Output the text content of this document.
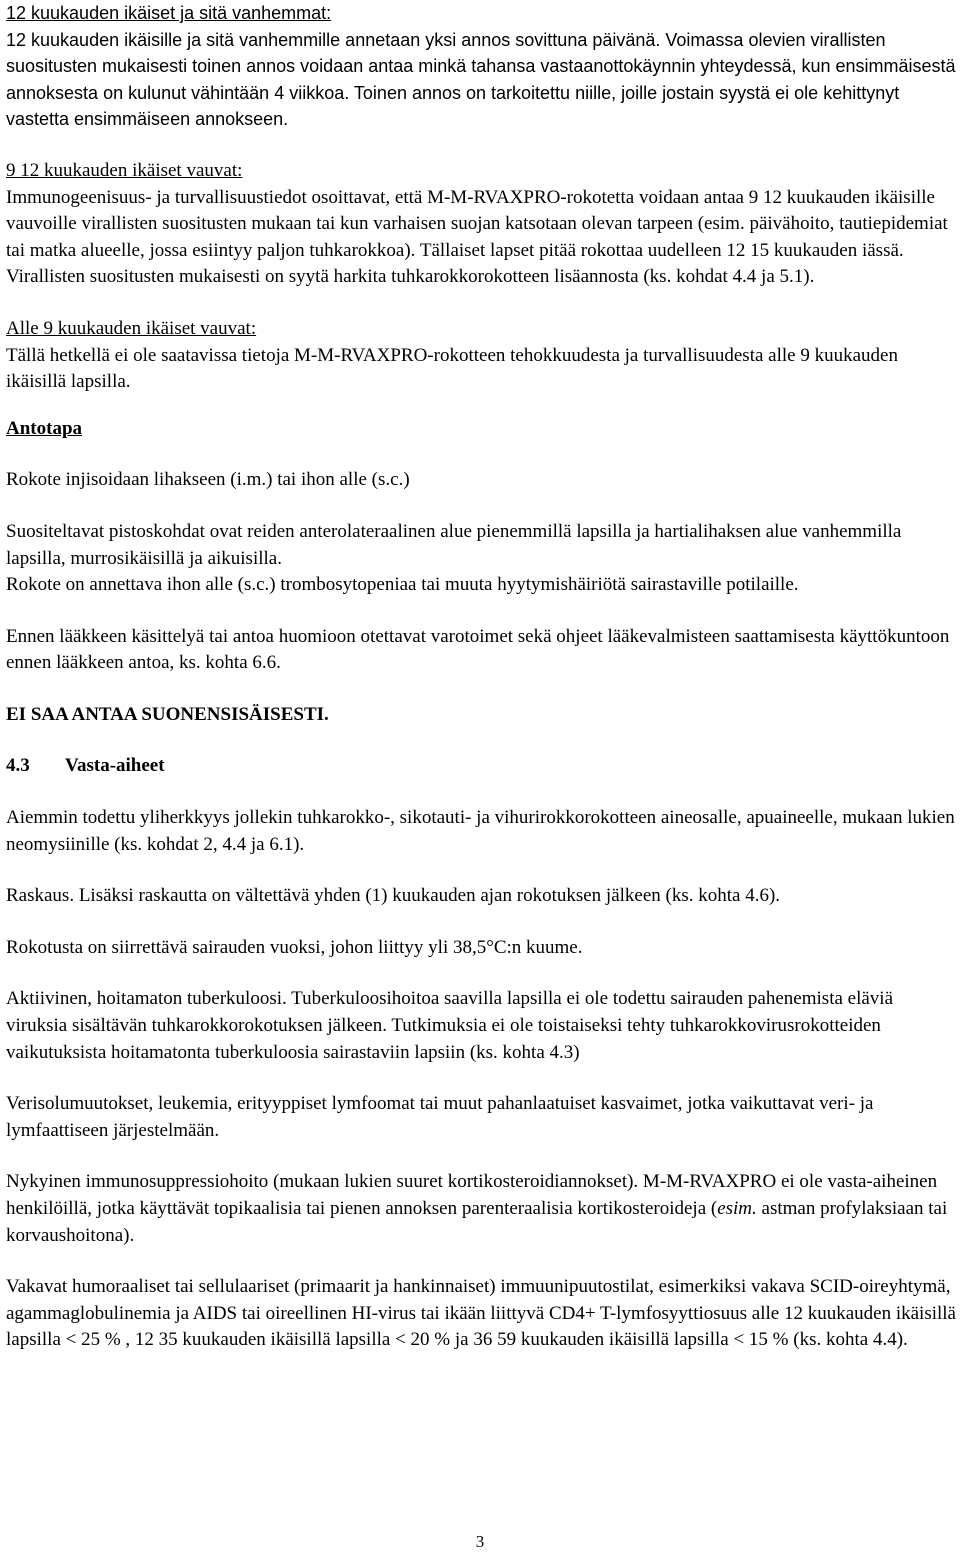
12 kuukauden ikäiset ja sitä vanhemmat:

12 kuukauden ikäisille ja sitä vanhemmille annetaan yksi annos sovittuna päivänä. Voimassa olevien virallisten suositusten mukaisesti toinen annos voidaan antaa minkä tahansa vastaanottokäynnin yhteydessä, kun ensimmäisestä annoksesta on kulunut vähintään 4 viikkoa. Toinen annos on tarkoitettu niille, joille jostain syystä ei ole kehittynyt vastetta ensimmäiseen annokseen.

9 12 kuukauden ikäiset vauvat:

Immunogeenisuus- ja turvallisuustiedot osoittavat, että M-M-RVAXPRO-rokotetta voidaan antaa 9 12 kuukauden ikäisille vauvoille virallisten suositusten mukaan tai kun varhaisen suojan katsotaan olevan tarpeen (esim. päivähoito, tautiepidemiat tai matka alueelle, jossa esiintyy paljon tuhkarokkoa). Tällaiset lapset pitää rokottaa uudelleen 12 15 kuukauden iässä. Virallisten suositusten mukaisesti on syytä harkita tuhkarokkorokotteen lisäannosta (ks. kohdat 4.4 ja 5.1).

Alle 9 kuukauden ikäiset vauvat:

Tällä hetkellä ei ole saatavissa tietoja M-M-RVAXPRO-rokotteen tehokkuudesta ja turvallisuudesta alle 9 kuukauden ikäisillä lapsilla.

Antotapa

Rokote injisoidaan lihakseen (i.m.) tai ihon alle (s.c.)

Suositeltavat pistoskohdat ovat reiden anterolateraalinen alue pienemmillä lapsilla ja hartialihaksen alue vanhemmilla lapsilla, murrosikäisillä ja aikuisilla.

Rokote on annettava ihon alle (s.c.) trombosytopeniaa tai muuta hyytymishäiriötä sairastaville potilaille.

Ennen lääkkeen käsittelyä tai antoa huomioon otettavat varotoimet sekä ohjeet lääkevalmisteen saattamisesta käyttökuntoon ennen lääkkeen antoa, ks. kohta 6.6.

EI SAA ANTAA SUONENSISÄISESTI.

4.3	Vasta-aiheet

Aiemmin todettu yliherkkyys jollekin tuhkarokko-, sikotauti- ja vihurirokkorokotteen aineosalle, apuaineelle, mukaan lukien neomysiinille (ks. kohdat 2, 4.4 ja 6.1).

Raskaus. Lisäksi raskautta on vältettävä yhden (1) kuukauden ajan rokotuksen jälkeen (ks. kohta 4.6).

Rokotusta on siirrettävä sairauden vuoksi, johon liittyy yli 38,5°C:n kuume.

Aktiivinen, hoitamaton tuberkuloosi. Tuberkuloosihoitoa saavilla lapsilla ei ole todettu sairauden pahenemista eläviä viruksia sisältävän tuhkarokkorokotuksen jälkeen. Tutkimuksia ei ole toistaiseksi tehty tuhkarokkovirusrokotteiden vaikutuksista hoitamatonta tuberkuloosia sairastaviin lapsiin (ks. kohta 4.3)

Verisolumuutokset, leukemia, erityyppiset lymfoomat tai muut pahanlaatuiset kasvaimet, jotka vaikuttavat veri- ja lymfaattiseen järjestelmään.

Nykyinen immunosuppressiohoito (mukaan lukien suuret kortikosteroidiannokset). M-M-RVAXPRO ei ole vasta-aiheinen henkilöillä, jotka käyttävät topikaalisia tai pienen annoksen parenteraalisia kortikosteroideja (esim. astman profylaksiaan tai korvaushoitona).

Vakavat humoraaliset tai sellulaariset (primaarit ja hankinnaiset) immuunipuutostilat, esimerkiksi vakava SCID-oireyhtymä, agammaglobulinemia ja AIDS tai oireellinen HI-virus tai ikään liittyvä CD4+ T-lymfosyyttiosuus alle 12 kuukauden ikäisillä lapsilla < 25 % , 12 35 kuukauden ikäisillä lapsilla < 20 % ja 36 59 kuukauden ikäisillä lapsilla < 15 % (ks. kohta 4.4).

3
